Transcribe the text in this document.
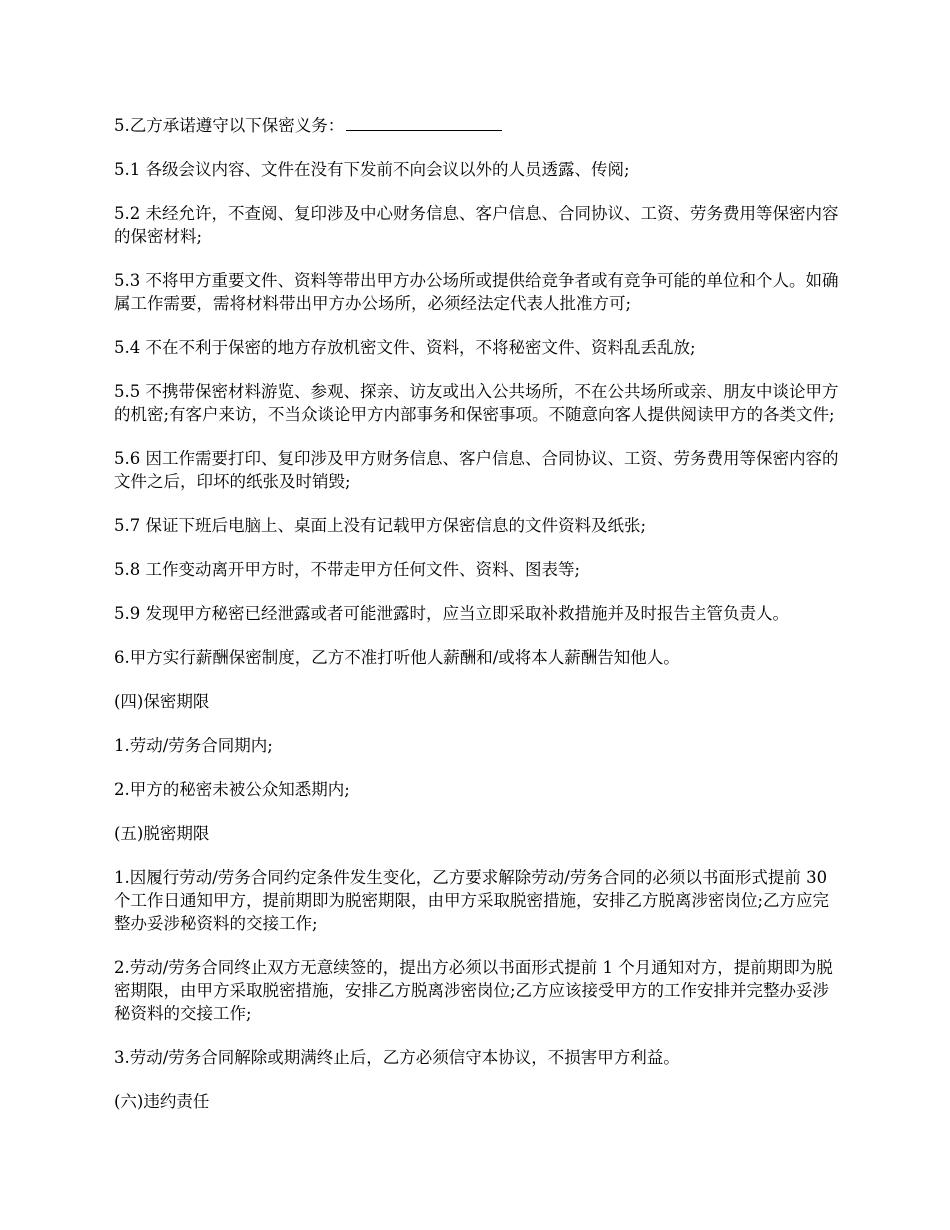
5.乙方承诺遵守以下保密义务：

5.1 各级会议内容、文件在没有下发前不向会议以外的人员透露、传阅;

5.2 未经允许，不查阅、复印涉及中心财务信息、客户信息、合同协议、工资、劳务费用等保密内容的保密材料;

5.3 不将甲方重要文件、资料等带出甲方办公场所或提供给竞争者或有竞争可能的单位和个人。如确属工作需要，需将材料带出甲方办公场所，必须经法定代表人批准方可;

5.4 不在不利于保密的地方存放机密文件、资料，不将秘密文件、资料乱丢乱放;

5.5 不携带保密材料游览、参观、探亲、访友或出入公共场所，不在公共场所或亲、朋友中谈论甲方的机密;有客户来访，不当众谈论甲方内部事务和保密事项。不随意向客人提供阅读甲方的各类文件;

5.6 因工作需要打印、复印涉及甲方财务信息、客户信息、合同协议、工资、劳务费用等保密内容的文件之后，印坏的纸张及时销毁;

5.7 保证下班后电脑上、桌面上没有记载甲方保密信息的文件资料及纸张;

5.8 工作变动离开甲方时，不带走甲方任何文件、资料、图表等;

5.9 发现甲方秘密已经泄露或者可能泄露时，应当立即采取补救措施并及时报告主管负责人。

6.甲方实行薪酬保密制度，乙方不准打听他人薪酬和/或将本人薪酬告知他人。

(四)保密期限

1.劳动/劳务合同期内;

2.甲方的秘密未被公众知悉期内;

(五)脱密期限

1.因履行劳动/劳务合同约定条件发生变化，乙方要求解除劳动/劳务合同的必须以书面形式提前 30 个工作日通知甲方，提前期即为脱密期限，由甲方采取脱密措施，安排乙方脱离涉密岗位;乙方应完整办妥涉秘资料的交接工作;

2.劳动/劳务合同终止双方无意续签的，提出方必须以书面形式提前 1 个月通知对方，提前期即为脱密期限，由甲方采取脱密措施，安排乙方脱离涉密岗位;乙方应该接受甲方的工作安排并完整办妥涉秘资料的交接工作;

3.劳动/劳务合同解除或期满终止后，乙方必须信守本协议，不损害甲方利益。

(六)违约责任
